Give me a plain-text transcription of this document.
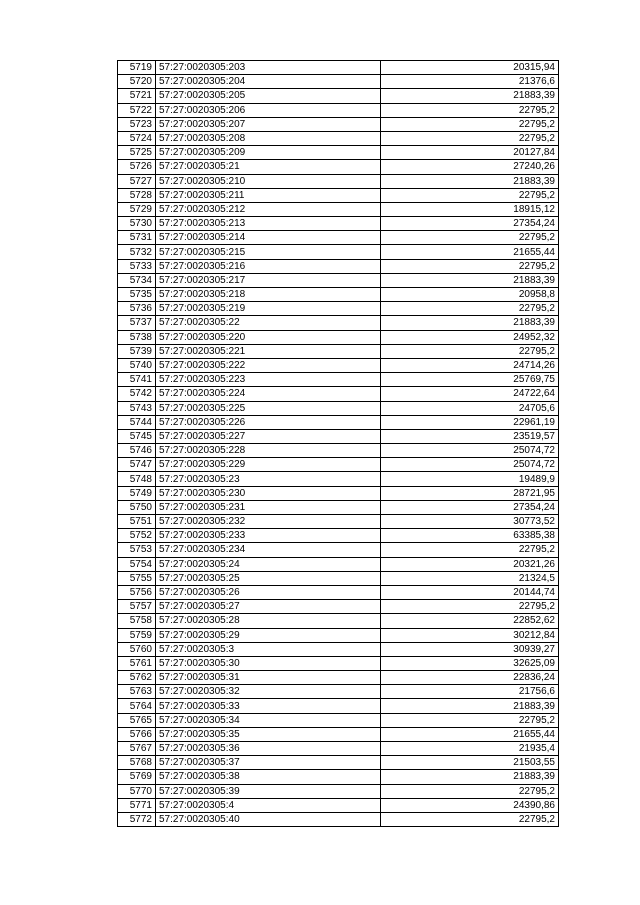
5719	57:27:0020305:203	20315,94
5720	57:27:0020305:204	21376,6
5721	57:27:0020305:205	21883,39
5722	57:27:0020305:206	22795,2
5723	57:27:0020305:207	22795,2
5724	57:27:0020305:208	22795,2
5725	57:27:0020305:209	20127,84
5726	57:27:0020305:21	27240,26
5727	57:27:0020305:210	21883,39
5728	57:27:0020305:211	22795,2
5729	57:27:0020305:212	18915,12
5730	57:27:0020305:213	27354,24
5731	57:27:0020305:214	22795,2
5732	57:27:0020305:215	21655,44
5733	57:27:0020305:216	22795,2
5734	57:27:0020305:217	21883,39
5735	57:27:0020305:218	20958,8
5736	57:27:0020305:219	22795,2
5737	57:27:0020305:22	21883,39
5738	57:27:0020305:220	24952,32
5739	57:27:0020305:221	22795,2
5740	57:27:0020305:222	24714,26
5741	57:27:0020305:223	25769,75
5742	57:27:0020305:224	24722,64
5743	57:27:0020305:225	24705,6
5744	57:27:0020305:226	22961,19
5745	57:27:0020305:227	23519,57
5746	57:27:0020305:228	25074,72
5747	57:27:0020305:229	25074,72
5748	57:27:0020305:23	19489,9
5749	57:27:0020305:230	28721,95
5750	57:27:0020305:231	27354,24
5751	57:27:0020305:232	30773,52
5752	57:27:0020305:233	63385,38
5753	57:27:0020305:234	22795,2
5754	57:27:0020305:24	20321,26
5755	57:27:0020305:25	21324,5
5756	57:27:0020305:26	20144,74
5757	57:27:0020305:27	22795,2
5758	57:27:0020305:28	22852,62
5759	57:27:0020305:29	30212,84
5760	57:27:0020305:3	30939,27
5761	57:27:0020305:30	32625,09
5762	57:27:0020305:31	22836,24
5763	57:27:0020305:32	21756,6
5764	57:27:0020305:33	21883,39
5765	57:27:0020305:34	22795,2
5766	57:27:0020305:35	21655,44
5767	57:27:0020305:36	21935,4
5768	57:27:0020305:37	21503,55
5769	57:27:0020305:38	21883,39
5770	57:27:0020305:39	22795,2
5771	57:27:0020305:4	24390,86
5772	57:27:0020305:40	22795,2
